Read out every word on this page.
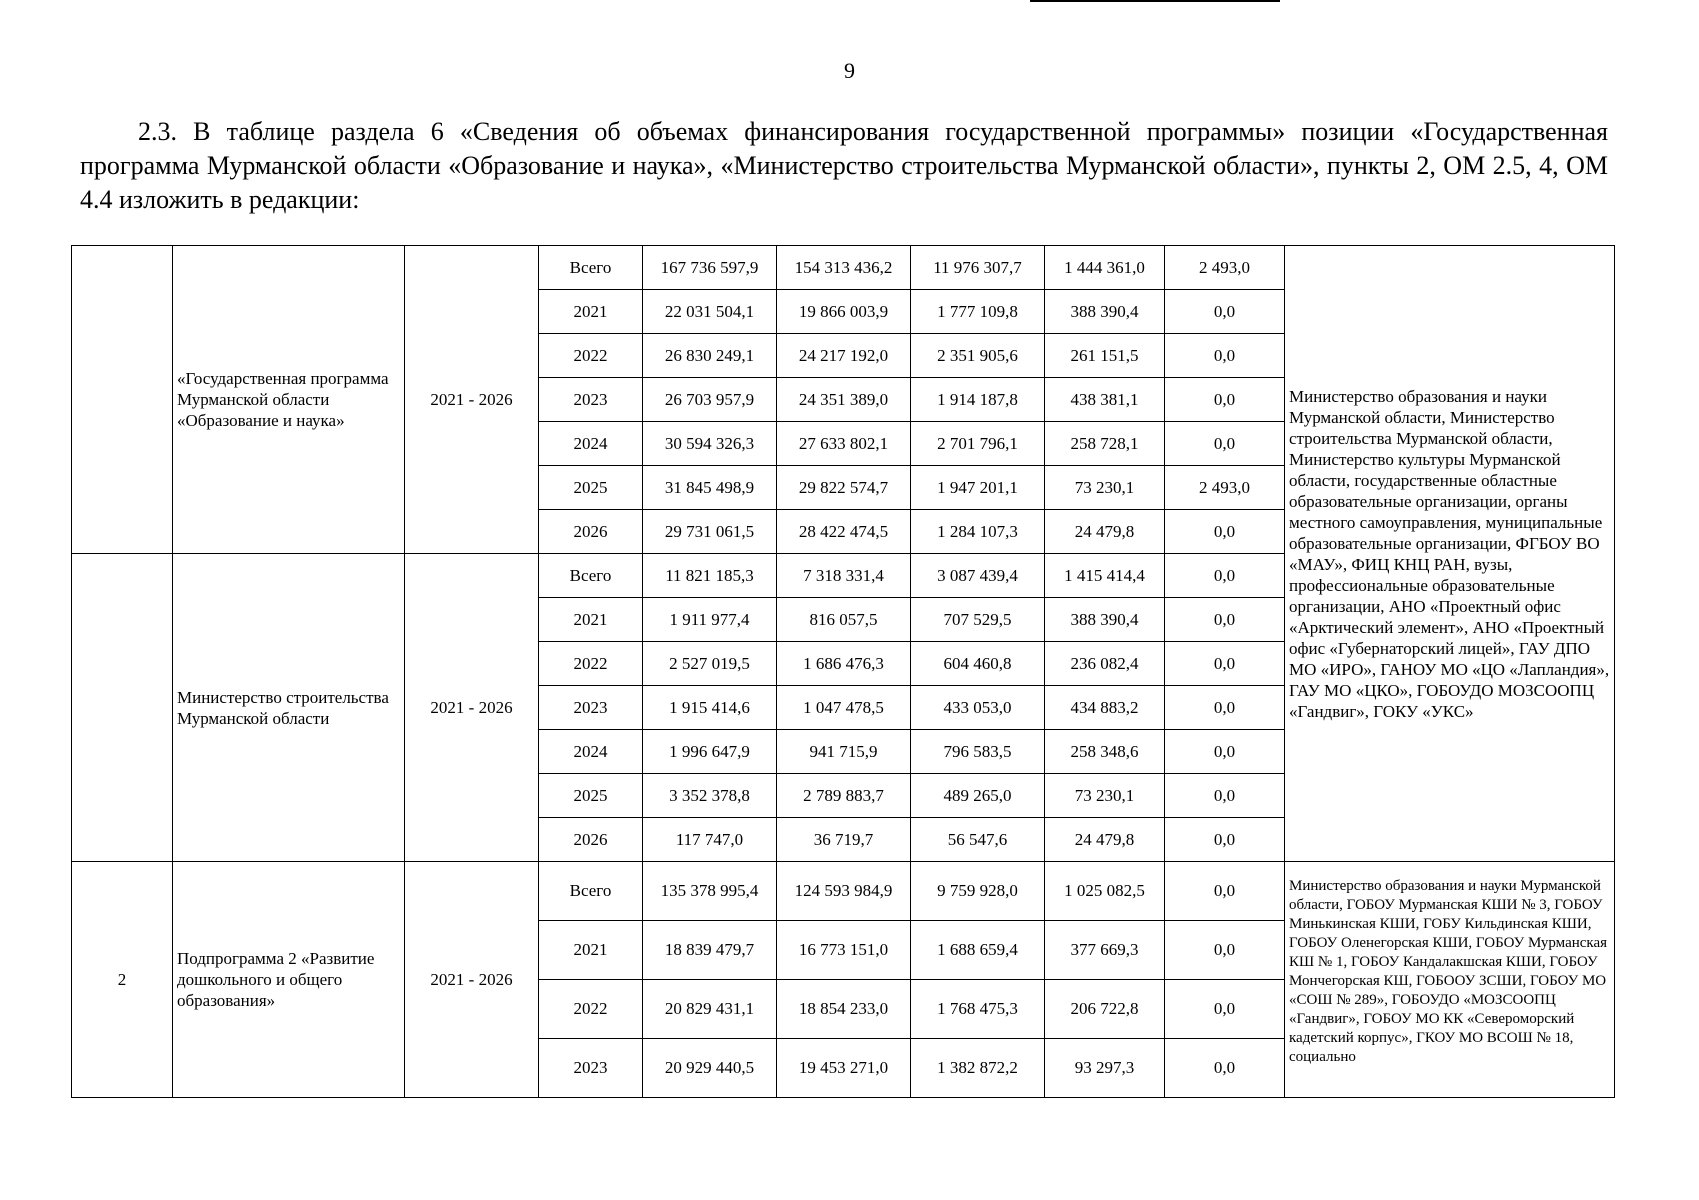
9
2.3. В таблице раздела 6 «Сведения об объемах финансирования государственной программы» позиции «Государственная программа Мурманской области «Образование и наука», «Министерство строительства Мурманской области», пункты 2, ОМ 2.5, 4, ОМ 4.4 изложить в редакции:
	«Государственная программа Мурманской области «Образование и наука»	2021 - 2026	Всего	167 736 597,9	154 313 436,2	11 976 307,7	1 444 361,0	2 493,0	Министерство образования и науки Мурманской области, Министерство строительства Мурманской области, Министерство культуры Мурманской области, государственные областные образовательные организации, органы местного самоуправления, муниципальные образовательные организации, ФГБОУ ВО «МАУ», ФИЦ КНЦ РАН, вузы, профессиональные образовательные организации, АНО «Проектный офис «Арктический элемент», АНО «Проектный офис «Губернаторский лицей», ГАУ ДПО МО «ИРО», ГАНОУ МО «ЦО «Лапландия», ГАУ МО «ЦКО», ГОБОУДО МОЗСООПЦ «Гандвиг», ГОКУ «УКС»
			2021	22 031 504,1	19 866 003,9	1 777 109,8	388 390,4	0,0	
			2022	26 830 249,1	24 217 192,0	2 351 905,6	261 151,5	0,0	
			2023	26 703 957,9	24 351 389,0	1 914 187,8	438 381,1	0,0	
			2024	30 594 326,3	27 633 802,1	2 701 796,1	258 728,1	0,0	
			2025	31 845 498,9	29 822 574,7	1 947 201,1	73 230,1	2 493,0	
			2026	29 731 061,5	28 422 474,5	1 284 107,3	24 479,8	0,0	
	Министерство строительства Мурманской области	2021 - 2026	Всего	11 821 185,3	7 318 331,4	3 087 439,4	1 415 414,4	0,0	
			2021	1 911 977,4	816 057,5	707 529,5	388 390,4	0,0	
			2022	2 527 019,5	1 686 476,3	604 460,8	236 082,4	0,0	
			2023	1 915 414,6	1 047 478,5	433 053,0	434 883,2	0,0	
			2024	1 996 647,9	941 715,9	796 583,5	258 348,6	0,0	
			2025	3 352 378,8	2 789 883,7	489 265,0	73 230,1	0,0	
			2026	117 747,0	36 719,7	56 547,6	24 479,8	0,0	
2	Подпрограмма 2 «Развитие дошкольного и общего образования»	2021 - 2026	Всего	135 378 995,4	124 593 984,9	9 759 928,0	1 025 082,5	0,0	Министерство образования и науки Мурманской области, ГОБОУ Мурманская КШИ № 3, ГОБОУ Минькинская КШИ, ГОБУ Кильдинская КШИ, ГОБОУ Оленегорская КШИ, ГОБОУ Мурманская КШ № 1, ГОБОУ Кандалакшская КШИ, ГОБОУ Мончегорская КШ, ГОБООУ ЗСШИ, ГОБОУ МО «СОШ № 289», ГОБОУДО «МОЗСООПЦ «Гандвиг», ГОБОУ МО КК «Североморский кадетский корпус», ГКОУ МО ВСОШ № 18, социально
			2021	18 839 479,7	16 773 151,0	1 688 659,4	377 669,3	0,0	
			2022	20 829 431,1	18 854 233,0	1 768 475,3	206 722,8	0,0	
			2023	20 929 440,5	19 453 271,0	1 382 872,2	93 297,3	0,0	
